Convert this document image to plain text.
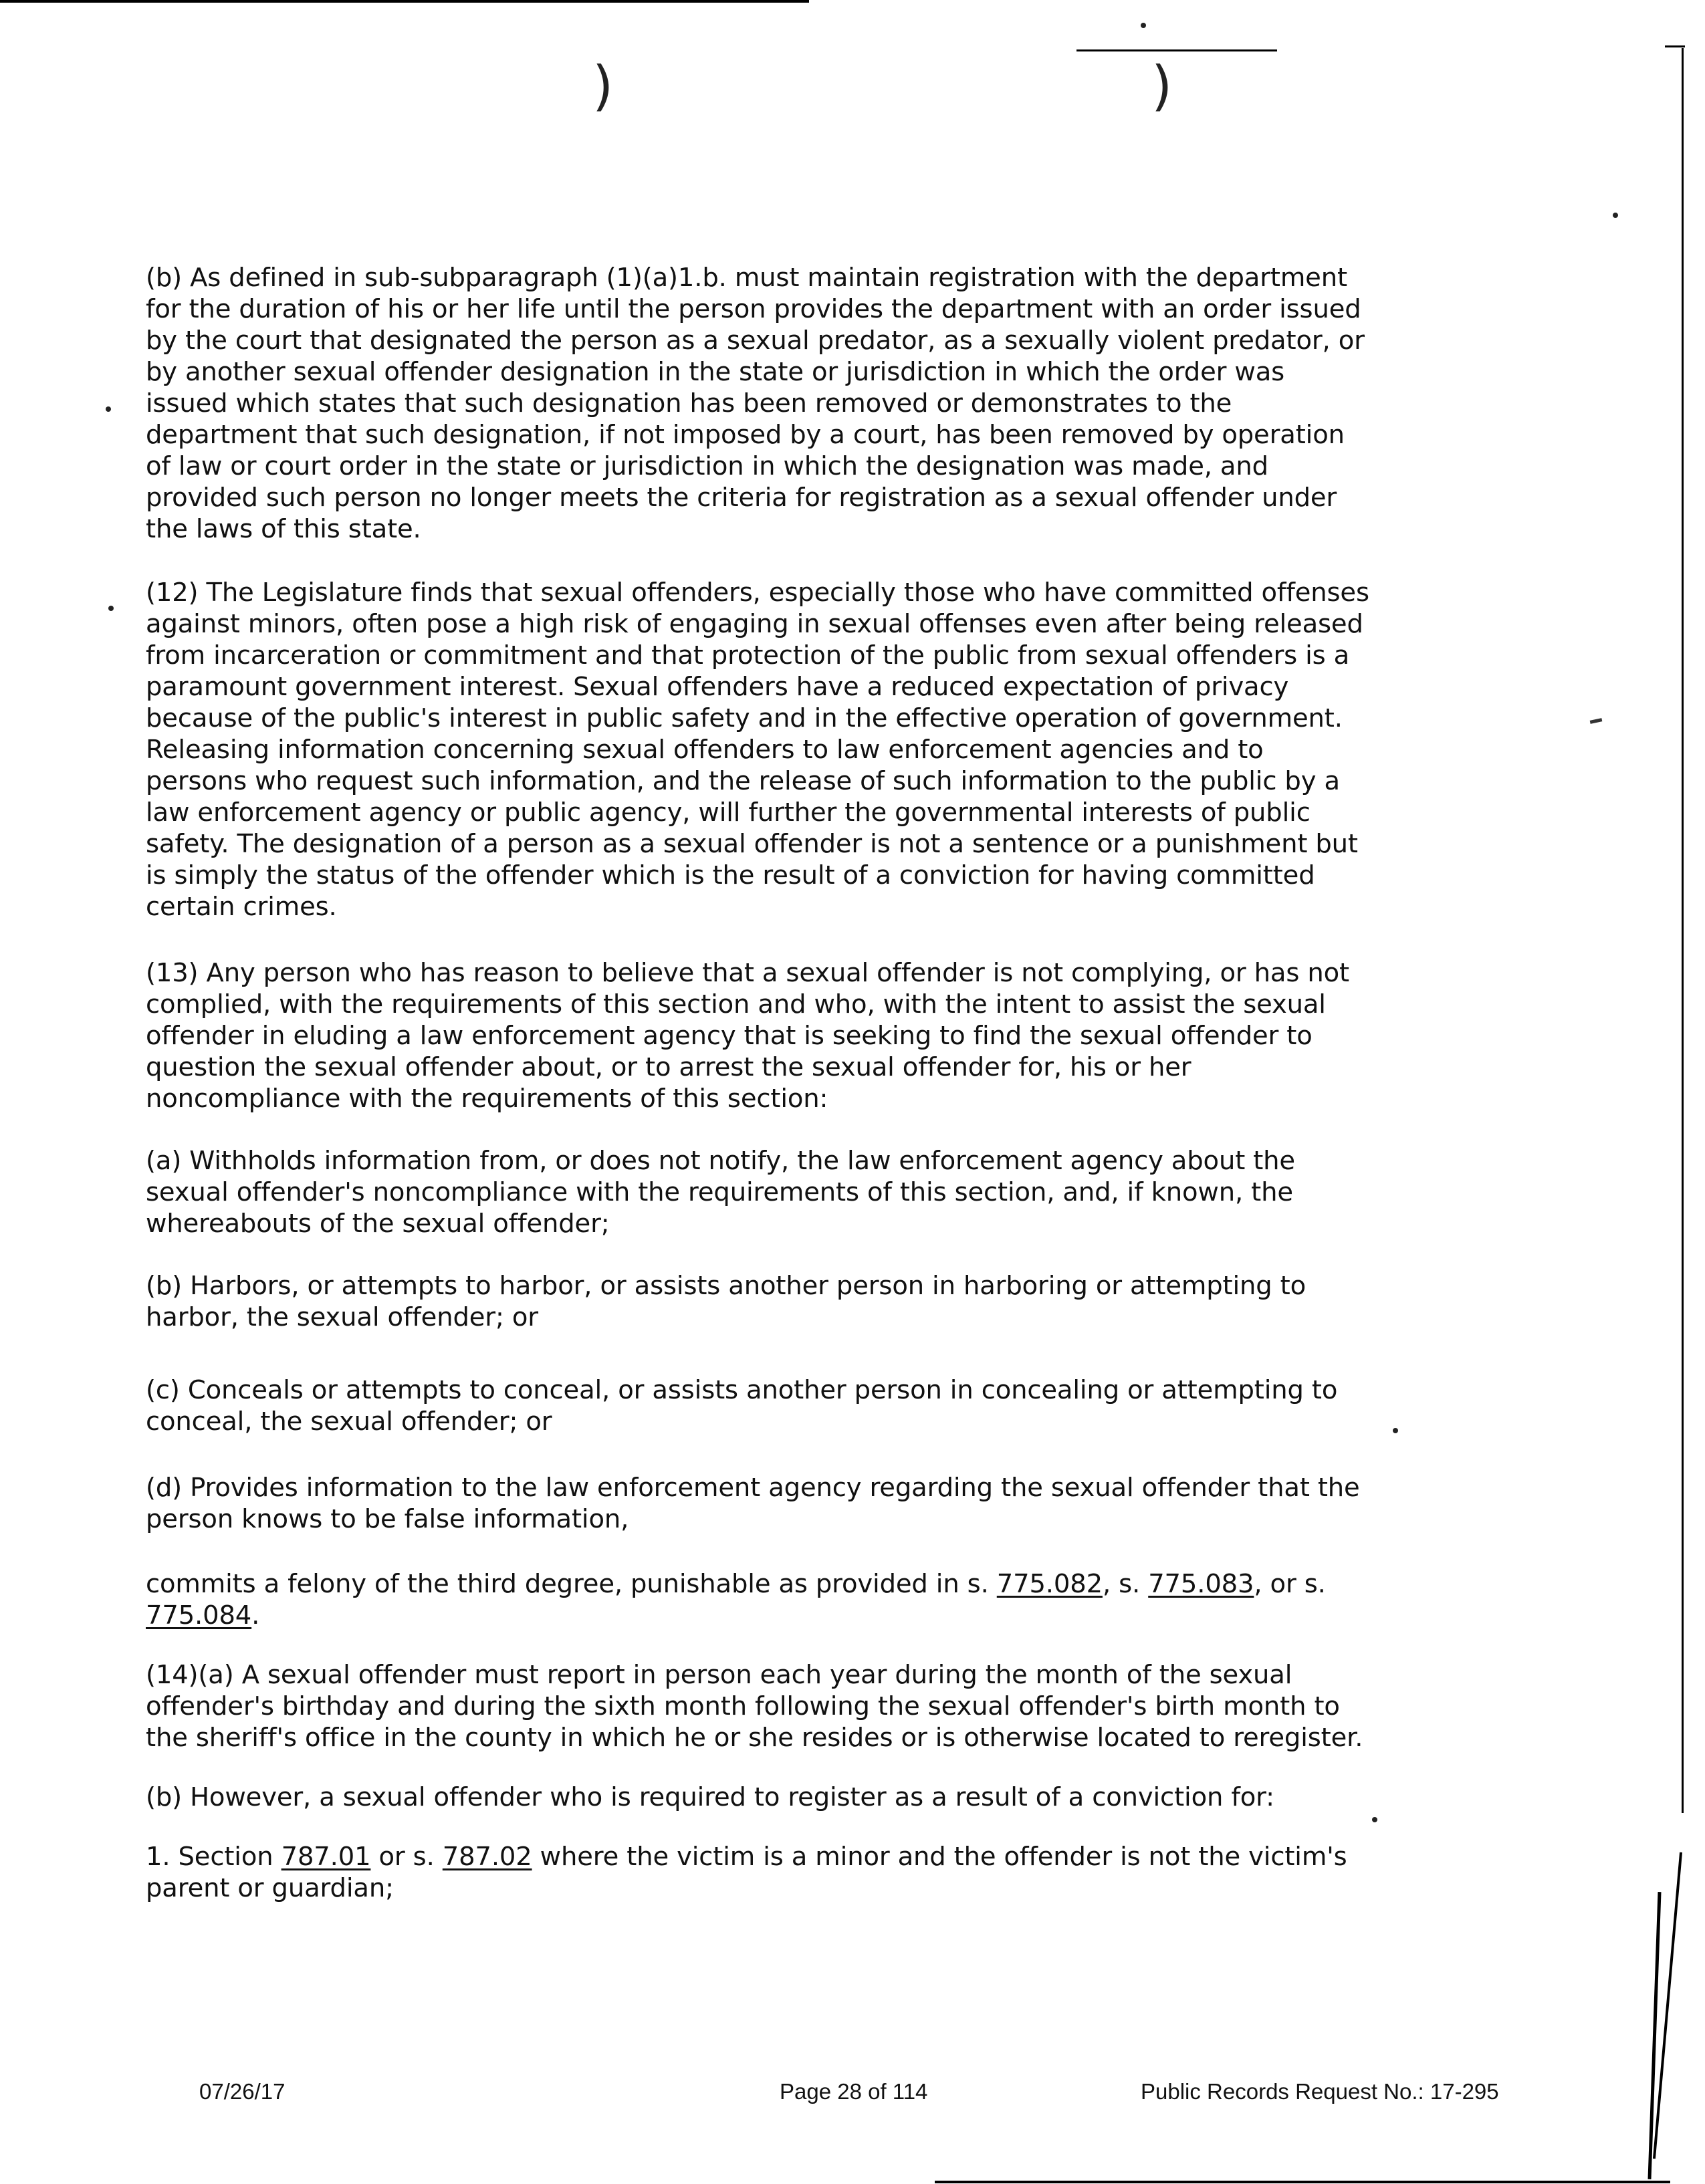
)	)

(b) As defined in sub-subparagraph (1)(a)1.b. must maintain registration with the department for the duration of his or her life until the person provides the department with an order issued by the court that designated the person as a sexual predator, as a sexually violent predator, or by another sexual offender designation in the state or jurisdiction in which the order was issued which states that such designation has been removed or demonstrates to the department that such designation, if not imposed by a court, has been removed by operation of law or court order in the state or jurisdiction in which the designation was made, and provided such person no longer meets the criteria for registration as a sexual offender under the laws of this state.

(12) The Legislature finds that sexual offenders, especially those who have committed offenses against minors, often pose a high risk of engaging in sexual offenses even after being released from incarceration or commitment and that protection of the public from sexual offenders is a paramount government interest. Sexual offenders have a reduced expectation of privacy because of the public's interest in public safety and in the effective operation of government. Releasing information concerning sexual offenders to law enforcement agencies and to persons who request such information, and the release of such information to the public by a law enforcement agency or public agency, will further the governmental interests of public safety. The designation of a person as a sexual offender is not a sentence or a punishment but is simply the status of the offender which is the result of a conviction for having committed certain crimes.

(13) Any person who has reason to believe that a sexual offender is not complying, or has not complied, with the requirements of this section and who, with the intent to assist the sexual offender in eluding a law enforcement agency that is seeking to find the sexual offender to question the sexual offender about, or to arrest the sexual offender for, his or her noncompliance with the requirements of this section:

(a) Withholds information from, or does not notify, the law enforcement agency about the sexual offender's noncompliance with the requirements of this section, and, if known, the whereabouts of the sexual offender;

(b) Harbors, or attempts to harbor, or assists another person in harboring or attempting to harbor, the sexual offender; or

(c) Conceals or attempts to conceal, or assists another person in concealing or attempting to conceal, the sexual offender; or

(d) Provides information to the law enforcement agency regarding the sexual offender that the person knows to be false information,

commits a felony of the third degree, punishable as provided in s. 775.082, s. 775.083, or s. 775.084.

(14)(a) A sexual offender must report in person each year during the month of the sexual offender's birthday and during the sixth month following the sexual offender's birth month to the sheriff's office in the county in which he or she resides or is otherwise located to reregister.

(b) However, a sexual offender who is required to register as a result of a conviction for:

1. Section 787.01 or s. 787.02 where the victim is a minor and the offender is not the victim's parent or guardian;

07/26/17	Page 28 of 114	Public Records Request No.: 17-295
